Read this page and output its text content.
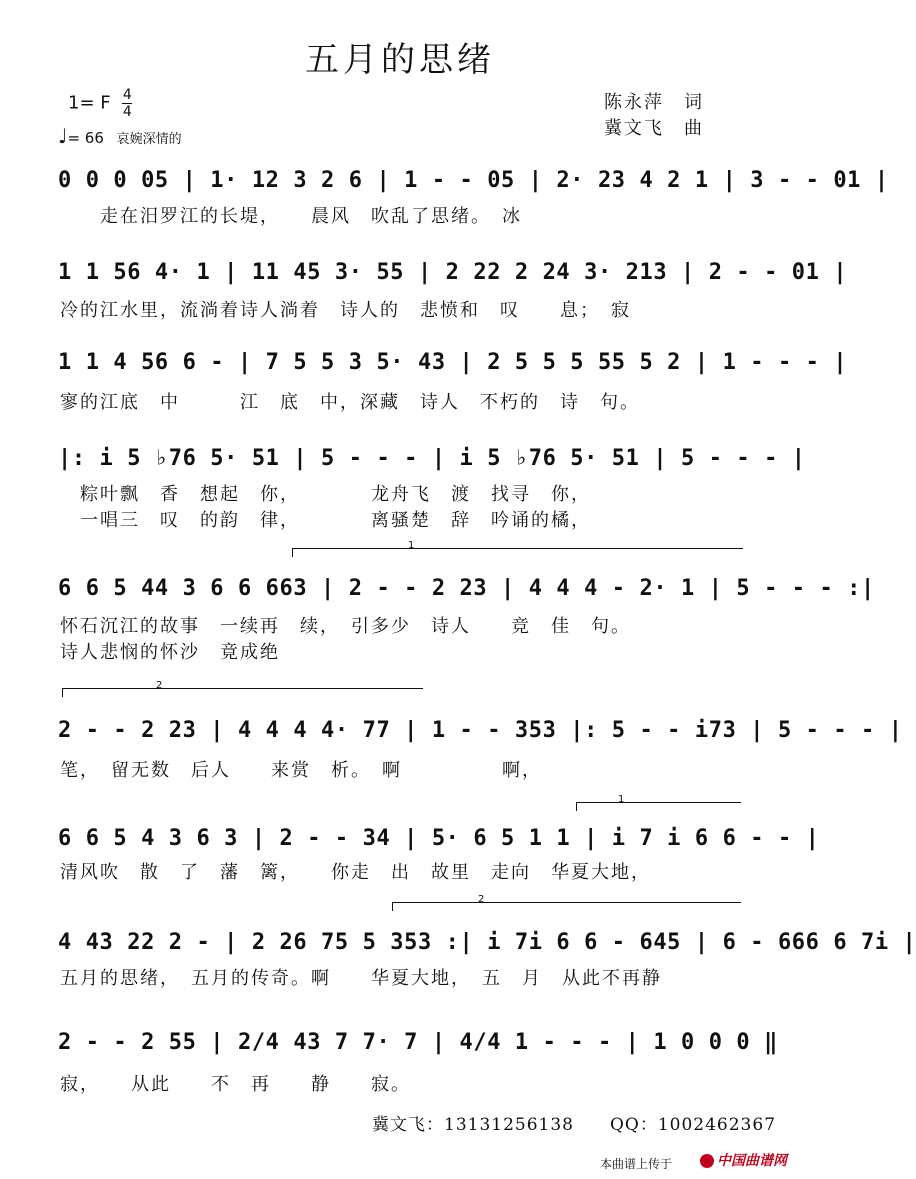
五月的思绪
1= F $\frac{4}{4}$
♩= 66 哀婉深情的
陈永萍　词
冀文飞　曲
0 0 0 05 | 1· 12 3 2 6 | 1 - - 05 | 2· 23 4 2 1 | 3 - - 01 |
　　走在汨罗江的长堤，　　晨风　吹乱了思绪。　冰
1 1 56 4· 1 | 11 45 3· 55 | 2 22 2 24 3· 213 | 2 - - 01 |
冷的江水里，流淌着诗人淌着　诗人的　悲愤和　叹　　息；　寂
1 1 4 56 6 - | 7 5 5 3 5· 43 | 2 5 5 5 55 5 2 | 1 - - - |
寥的江底　中　　　江　底　中，深藏　诗人　不朽的　诗　句。
|: i 5 ♭76 5· 51 | 5 - - - | i 5 ♭76 5· 51 | 5 - - - |
　粽叶飘　香　想起　你，　　　　龙舟飞　渡　找寻　你，
　一唱三　叹　的韵　律，　　　　离骚楚　辞　吟诵的橘，
1
6 6 5 44 3 6 6 663 | 2 - - 2 23 | 4 4 4 - 2· 1 | 5 - - - :|
怀石沉江的故事　一续再　续，　引多少　诗人　　竞　佳　句。
诗人悲悯的怀沙　竟成绝
2
2 - - 2 23 | 4 4 4 4· 77 | 1 - - 353 |: 5 - - i73 | 5 - - - |
笔，　留无数　后人　　来赏　析。　啊　　　　　啊，
1
6 6 5 4 3 6 3 | 2 - - 34 | 5· 6 5 1 1 | i 7 i 6 6 - - |
清风吹　散　了　藩　篱，　　你走　出　故里　走向　华夏大地，
2
4 43 22 2 - | 2 26 75 5 353 :| i 7i 6 6 - 645 | 6 - 666 6 7i |
五月的思绪，　五月的传奇。啊　　华夏大地，　五　月　从此不再静
2 - - 2 55 | 2/4 43 7 7· 7 | 4/4 1 - - - | 1 0 0 0 ‖
寂，　　从此　　不　再　　静　　寂。
冀文飞：13131256138　　QQ：1002462367
本曲谱上传于	中国曲谱网
